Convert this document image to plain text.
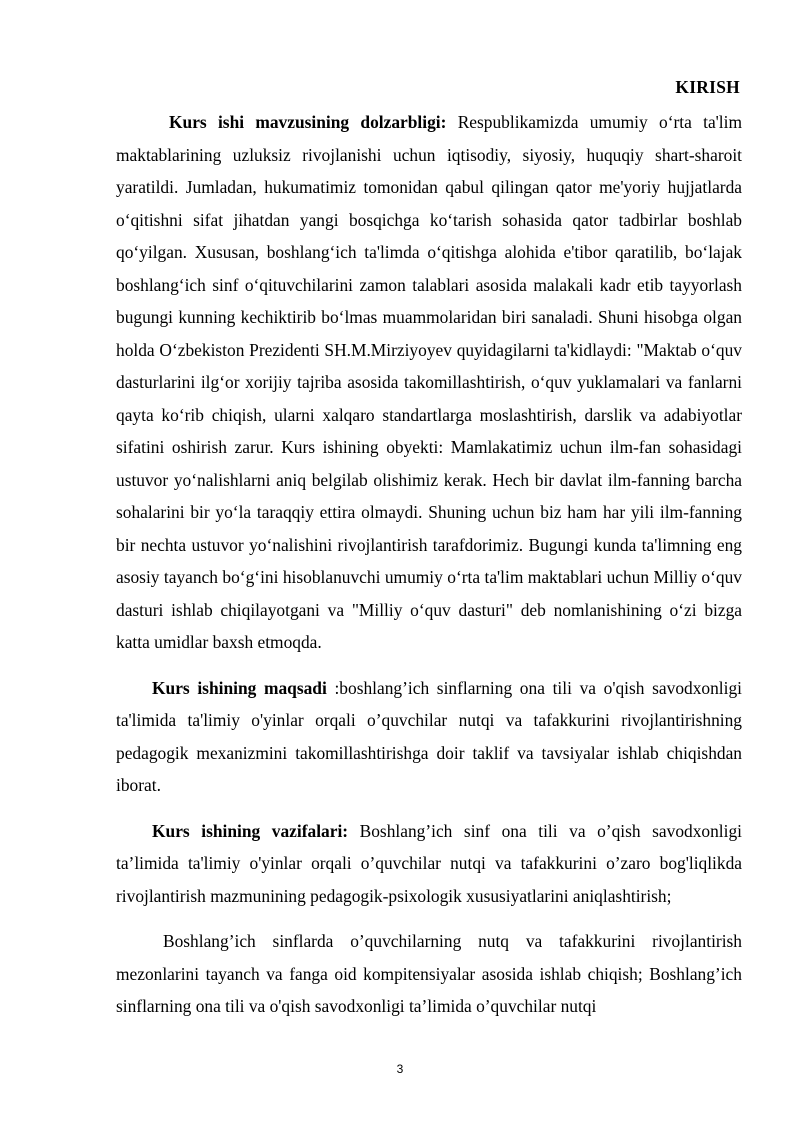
KIRISH

Kurs ishi mavzusining dolzarbligi: Respublikamizda umumiy o‘rta ta'lim maktablarining uzluksiz rivojlanishi uchun iqtisodiy, siyosiy, huquqiy shart-sharoit yaratildi. Jumladan, hukumatimiz tomonidan qabul qilingan qator me'yoriy hujjatlarda o‘qitishni sifat jihatdan yangi bosqichga ko‘tarish sohasida qator tadbirlar boshlab qo‘yilgan. Xususan, boshlang‘ich ta'limda o‘qitishga alohida e'tibor qaratilib, bo‘lajak boshlang‘ich sinf o‘qituvchilarini zamon talablari asosida malakali kadr etib tayyorlash bugungi kunning kechiktirib bo‘lmas muammolaridan biri sanaladi. Shuni hisobga olgan holda O‘zbekiston Prezidenti SH.M.Mirziyoyev quyidagilarni ta'kidlaydi: "Maktab o‘quv dasturlarini ilg‘or xorijiy tajriba asosida takomillashtirish, o‘quv yuklamalari va fanlarni qayta ko‘rib chiqish, ularni xalqaro standartlarga moslashtirish, darslik va adabiyotlar sifatini oshirish zarur. Kurs ishining obyekti: Mamlakatimiz uchun ilm-fan sohasidagi ustuvor yo‘nalishlarni aniq belgilab olishimiz kerak. Hech bir davlat ilm-fanning barcha sohalarini bir yo‘la taraqqiy ettira olmaydi. Shuning uchun biz ham har yili ilm-fanning bir nechta ustuvor yo‘nalishini rivojlantirish tarafdorimiz. Bugungi kunda ta'limning eng asosiy tayanch bo‘g‘ini hisoblanuvchi umumiy o‘rta ta'lim maktablari uchun Milliy o‘quv dasturi ishlab chiqilayotgani va "Milliy o‘quv dasturi" deb nomlanishining o‘zi bizga katta umidlar baxsh etmoqda.

Kurs ishining maqsadi :boshlang’ich sinflarning ona tili va o'qish savodxonligi ta'limida ta'limiy o'yinlar orqali o’quvchilar nutqi va tafakkurini rivojlantirishning pedagogik mexanizmini takomillashtirishga doir taklif va tavsiyalar ishlab chiqishdan iborat.

Kurs ishining vazifalari: Boshlang’ich sinf ona tili va o’qish savodxonligi ta’limida ta'limiy o'yinlar orqali o’quvchilar nutqi va tafakkurini o’zaro bog'liqlikda rivojlantirish mazmunining pedagogik-psixologik xususiyatlarini aniqlashtirish;

Boshlang’ich sinflarda o’quvchilarning nutq va tafakkurini rivojlantirish mezonlarini tayanch va fanga oid kompitensiyalar asosida ishlab chiqish; Boshlang’ich sinflarning ona tili va o'qish savodxonligi ta’limida o’quvchilar nutqi

3
